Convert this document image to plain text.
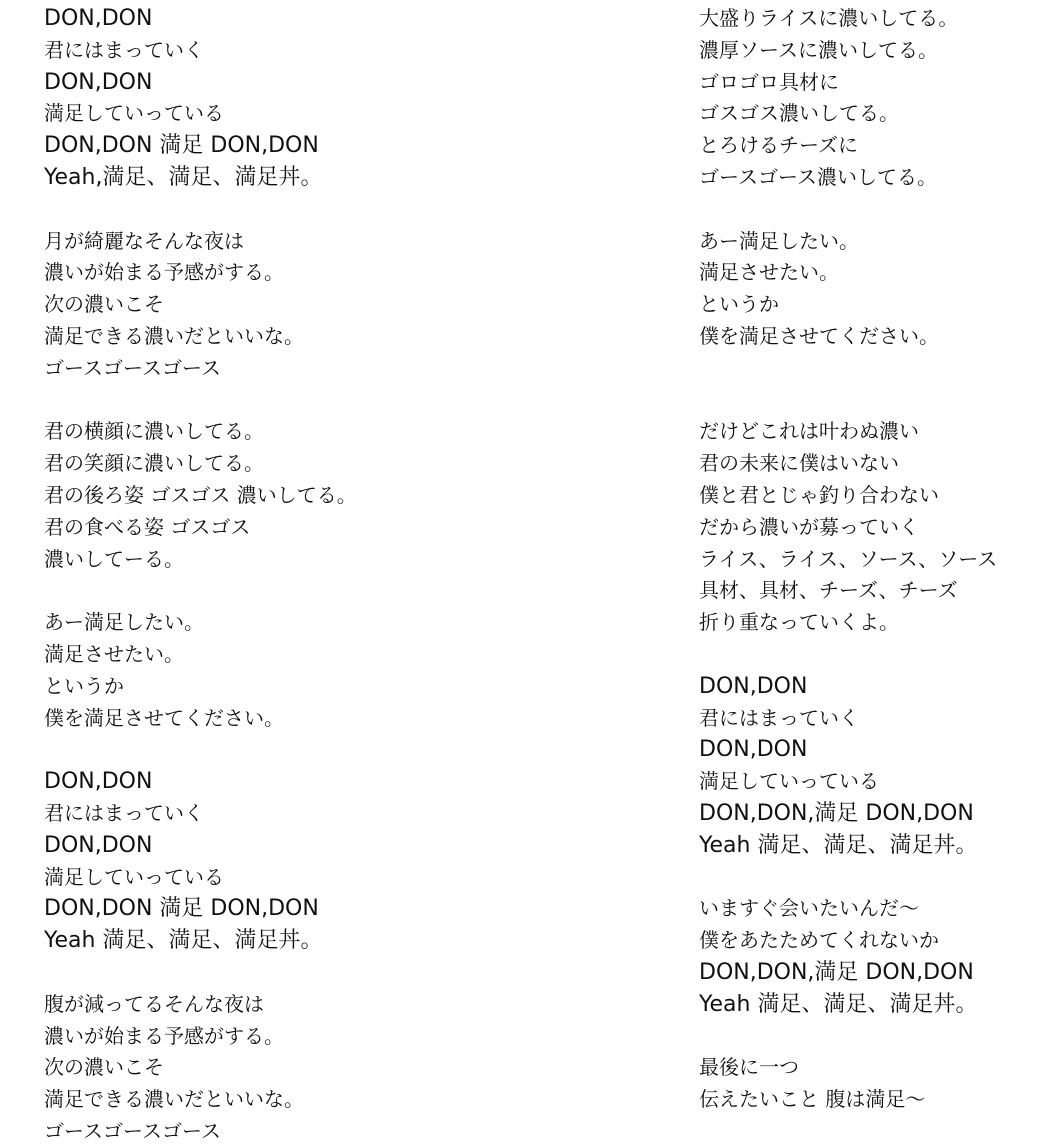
DON,DON
君にはまっていく
DON,DON
満足していっている
DON,DON 満足 DON,DON
Yeah,満足、満足、満足丼。

月が綺麗なそんな夜は
濃いが始まる予感がする。
次の濃いこそ
満足できる濃いだといいな。
ゴースゴースゴース

君の横顔に濃いしてる。
君の笑顔に濃いしてる。
君の後ろ姿 ゴスゴス 濃いしてる。
君の食べる姿 ゴスゴス
濃いしてーる。

あー満足したい。
満足させたい。
というか
僕を満足させてください。

DON,DON
君にはまっていく
DON,DON
満足していっている
DON,DON 満足 DON,DON
Yeah 満足、満足、満足丼。

腹が減ってるそんな夜は
濃いが始まる予感がする。
次の濃いこそ
満足できる濃いだといいな。
ゴースゴースゴース
大盛りライスに濃いしてる。
濃厚ソースに濃いしてる。
ゴロゴロ具材に
ゴスゴス濃いしてる。
とろけるチーズに
ゴースゴース濃いしてる。

あー満足したい。
満足させたい。
というか
僕を満足させてください。

だけどこれは叶わぬ濃い
君の未来に僕はいない
僕と君とじゃ釣り合わない
だから濃いが募っていく
ライス、ライス、ソース、ソース
具材、具材、チーズ、チーズ
折り重なっていくよ。

DON,DON
君にはまっていく
DON,DON
満足していっている
DON,DON,満足 DON,DON
Yeah 満足、満足、満足丼。

いますぐ会いたいんだ～
僕をあたためてくれないか
DON,DON,満足 DON,DON
Yeah 満足、満足、満足丼。

最後に一つ
伝えたいこと 腹は満足～
